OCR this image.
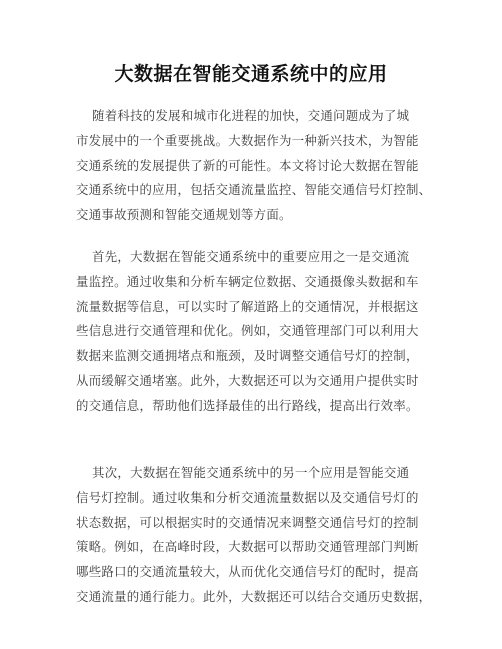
大数据在智能交通系统中的应用
随着科技的发展和城市化进程的加快，交通问题成为了城
市发展中的一个重要挑战。大数据作为一种新兴技术，为智能
交通系统的发展提供了新的可能性。本文将讨论大数据在智能
交通系统中的应用，包括交通流量监控、智能交通信号灯控制、
交通事故预测和智能交通规划等方面。
首先，大数据在智能交通系统中的重要应用之一是交通流
量监控。通过收集和分析车辆定位数据、交通摄像头数据和车
流量数据等信息，可以实时了解道路上的交通情况，并根据这
些信息进行交通管理和优化。例如，交通管理部门可以利用大
数据来监测交通拥堵点和瓶颈，及时调整交通信号灯的控制，
从而缓解交通堵塞。此外，大数据还可以为交通用户提供实时
的交通信息，帮助他们选择最佳的出行路线，提高出行效率。
其次，大数据在智能交通系统中的另一个应用是智能交通
信号灯控制。通过收集和分析交通流量数据以及交通信号灯的
状态数据，可以根据实时的交通情况来调整交通信号灯的控制
策略。例如，在高峰时段，大数据可以帮助交通管理部门判断
哪些路口的交通流量较大，从而优化交通信号灯的配时，提高
交通流量的通行能力。此外，大数据还可以结合交通历史数据，
